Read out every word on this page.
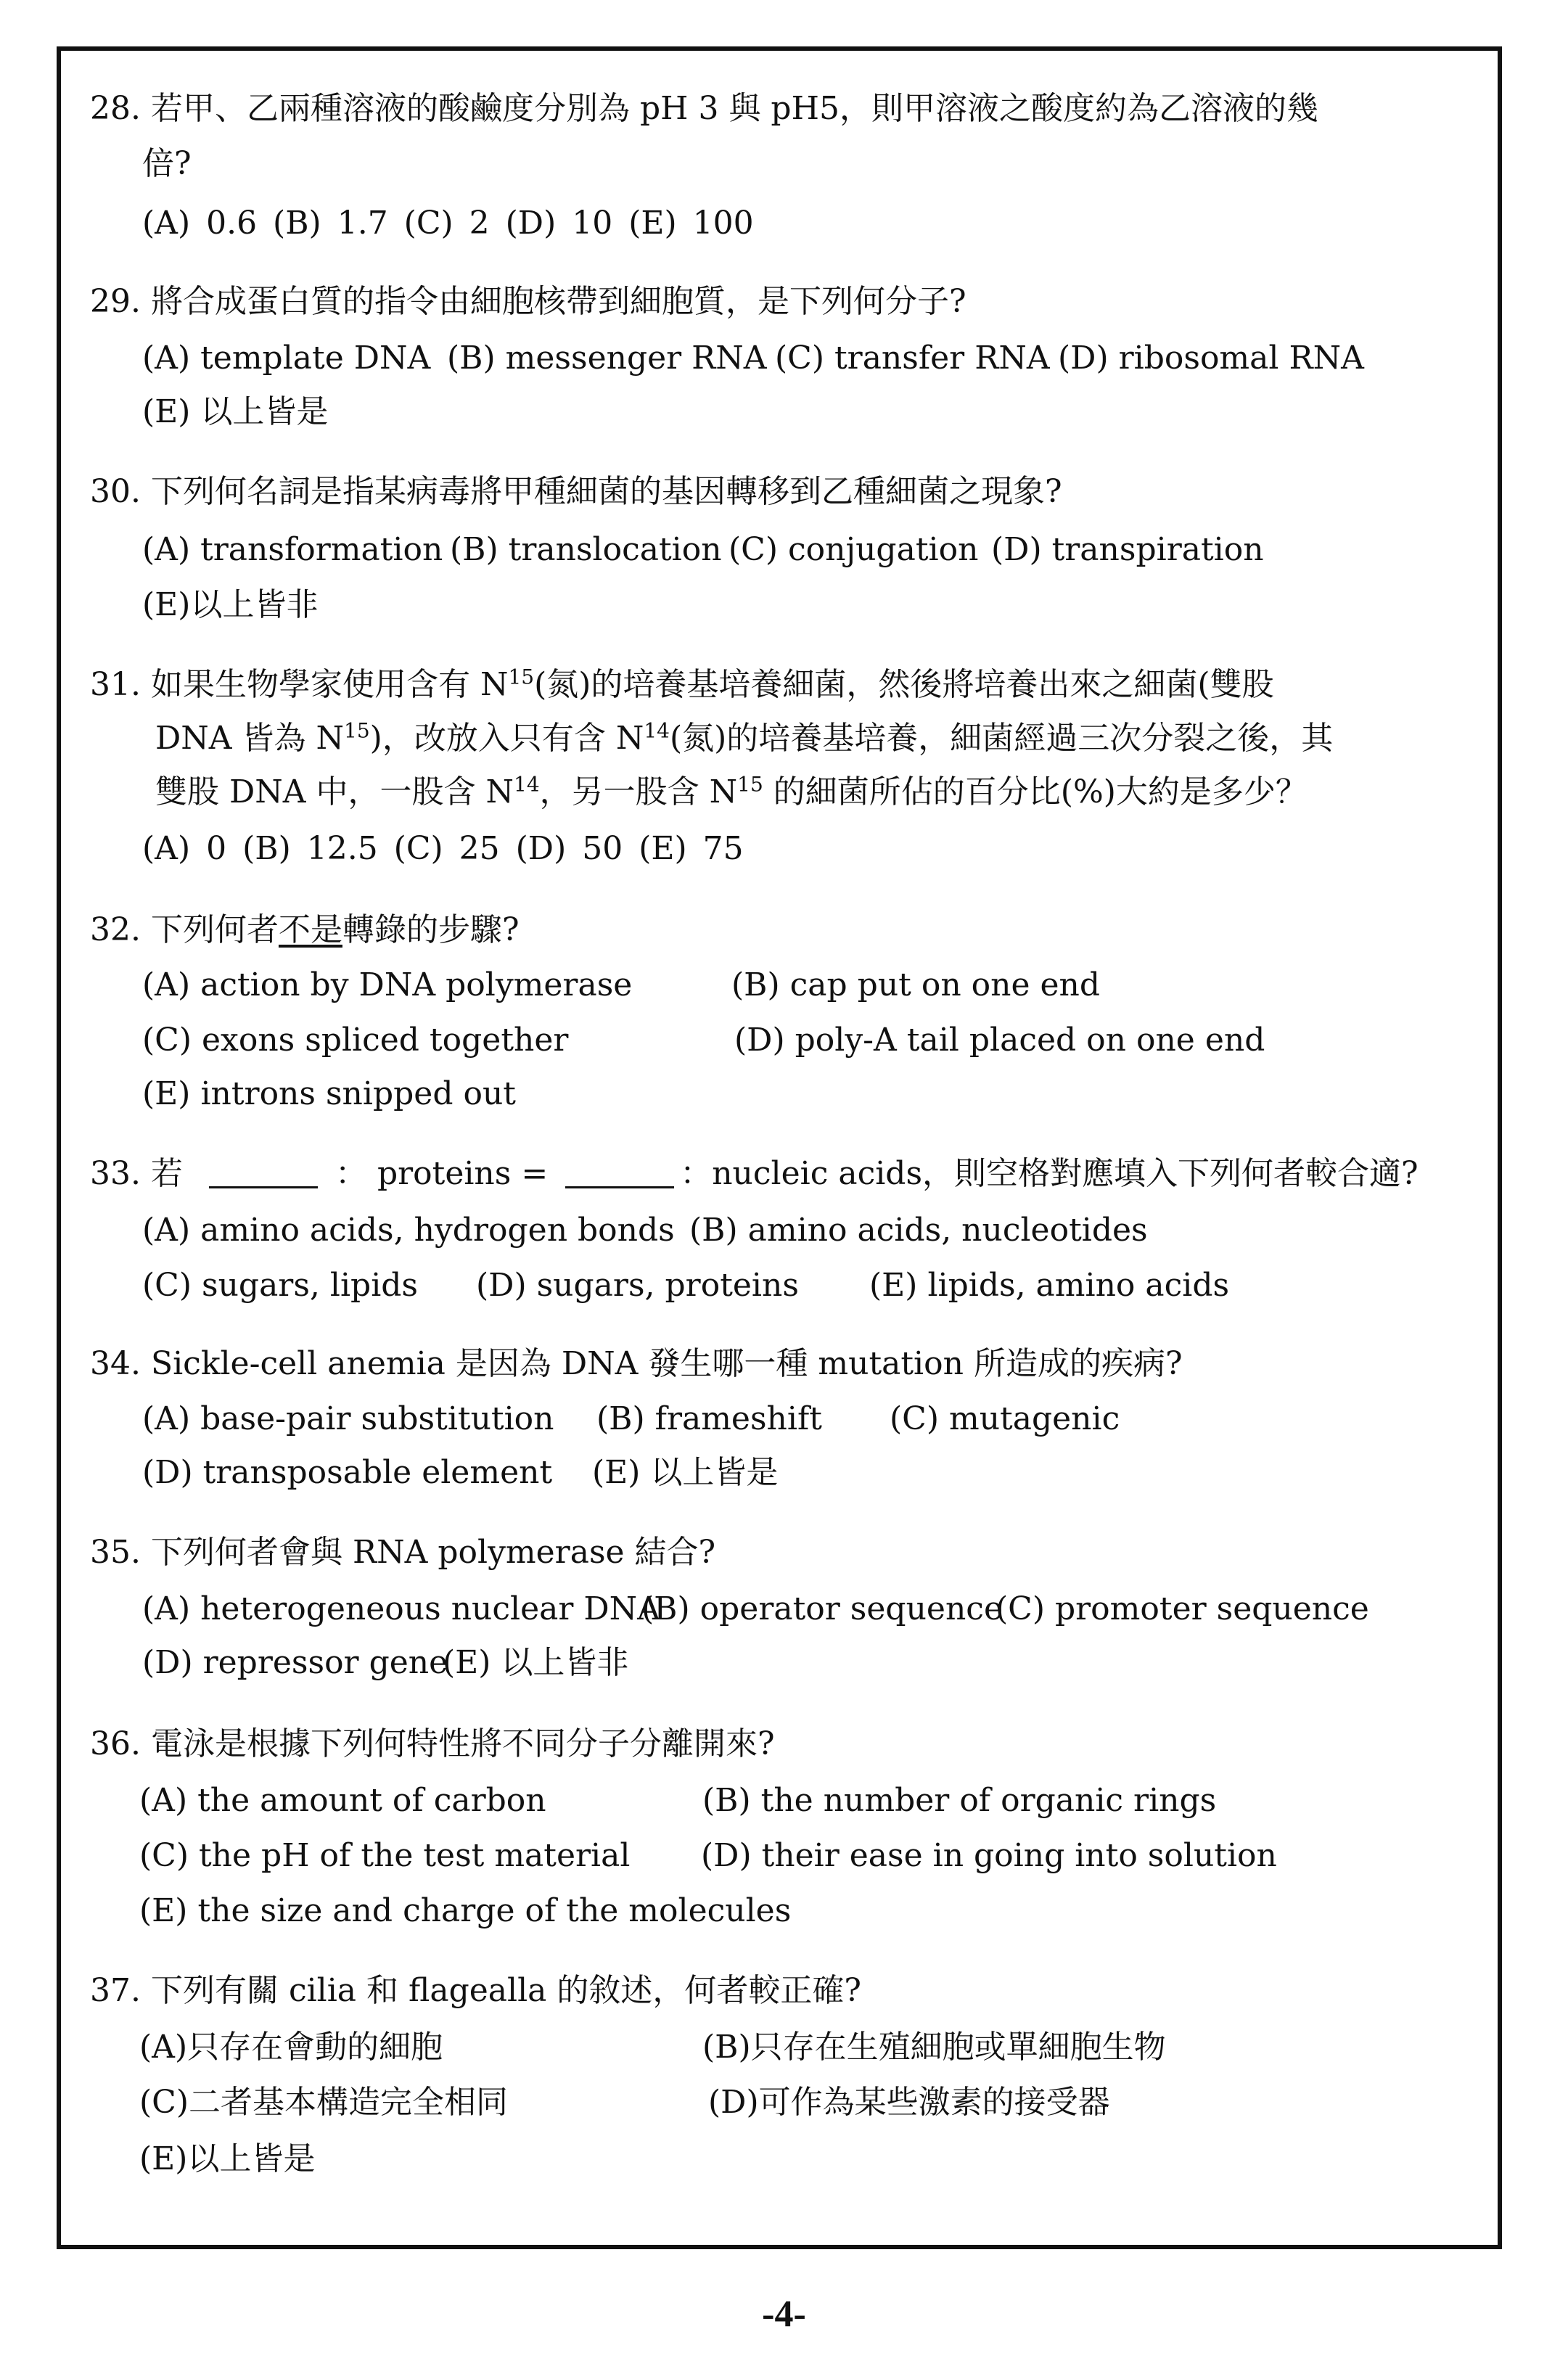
28. 若甲、乙兩種溶液的酸鹼度分別為 pH 3 與 pH5，則甲溶液之酸度約為乙溶液的幾
倍?
(A) 0.6 (B) 1.7 (C) 2 (D) 10 (E) 100
29. 將合成蛋白質的指令由細胞核帶到細胞質，是下列何分子?
(A) template DNA (B) messenger RNA (C) transfer RNA (D) ribosomal RNA
(E) 以上皆是
30. 下列何名詞是指某病毒將甲種細菌的基因轉移到乙種細菌之現象?
(A) transformation (B) translocation (C) conjugation (D) transpiration
(E)以上皆非
31. 如果生物學家使用含有 $N^{15}$(氮)的培養基培養細菌，然後將培養出來之細菌(雙股
DNA 皆為 $N^{15}$)，改放入只有含 $N^{14}$(氮)的培養基培養，細菌經過三次分裂之後，其
雙股 DNA 中，一股含 $N^{14}$，另一股含 $N^{15}$ 的細菌所佔的百分比(%)大約是多少？
(A) 0 (B) 12.5 (C) 25 (D) 50 (E) 75
32. 下列何者不是轉錄的步驟?
(A) action by DNA polymerase	(B) cap put on one end
(C) exons spliced together	(D) poly-A tail placed on one end
(E) introns snipped out
33. 若	： proteins =	：nucleic acids，則空格對應填入下列何者較合適?
(A) amino acids, hydrogen bonds (B) amino acids, nucleotides
(C) sugars, lipids (D) sugars, proteins (E) lipids, amino acids
34. Sickle-cell anemia 是因為 DNA 發生哪一種 mutation 所造成的疾病?
(A) base-pair substitution (B) frameshift (C) mutagenic
(D) transposable element (E) 以上皆是
35. 下列何者會與 RNA polymerase 結合?
(A) heterogeneous nuclear DNA
(B) operator sequence
(C) promoter sequence
(D) repressor gene
(E) 以上皆非
36. 電泳是根據下列何特性將不同分子分離開來?
(A) the amount of carbon	(B) the number of organic rings
(C) the pH of the test material (D) their ease in going into solution
(E) the size and charge of the molecules
37. 下列有關 cilia 和 flagealla 的敘述，何者較正確?
(A)只存在會動的細胞	(B)只存在生殖細胞或單細胞生物
(C)二者基本構造完全相同	(D)可作為某些激素的接受器
(E)以上皆是
-4-
